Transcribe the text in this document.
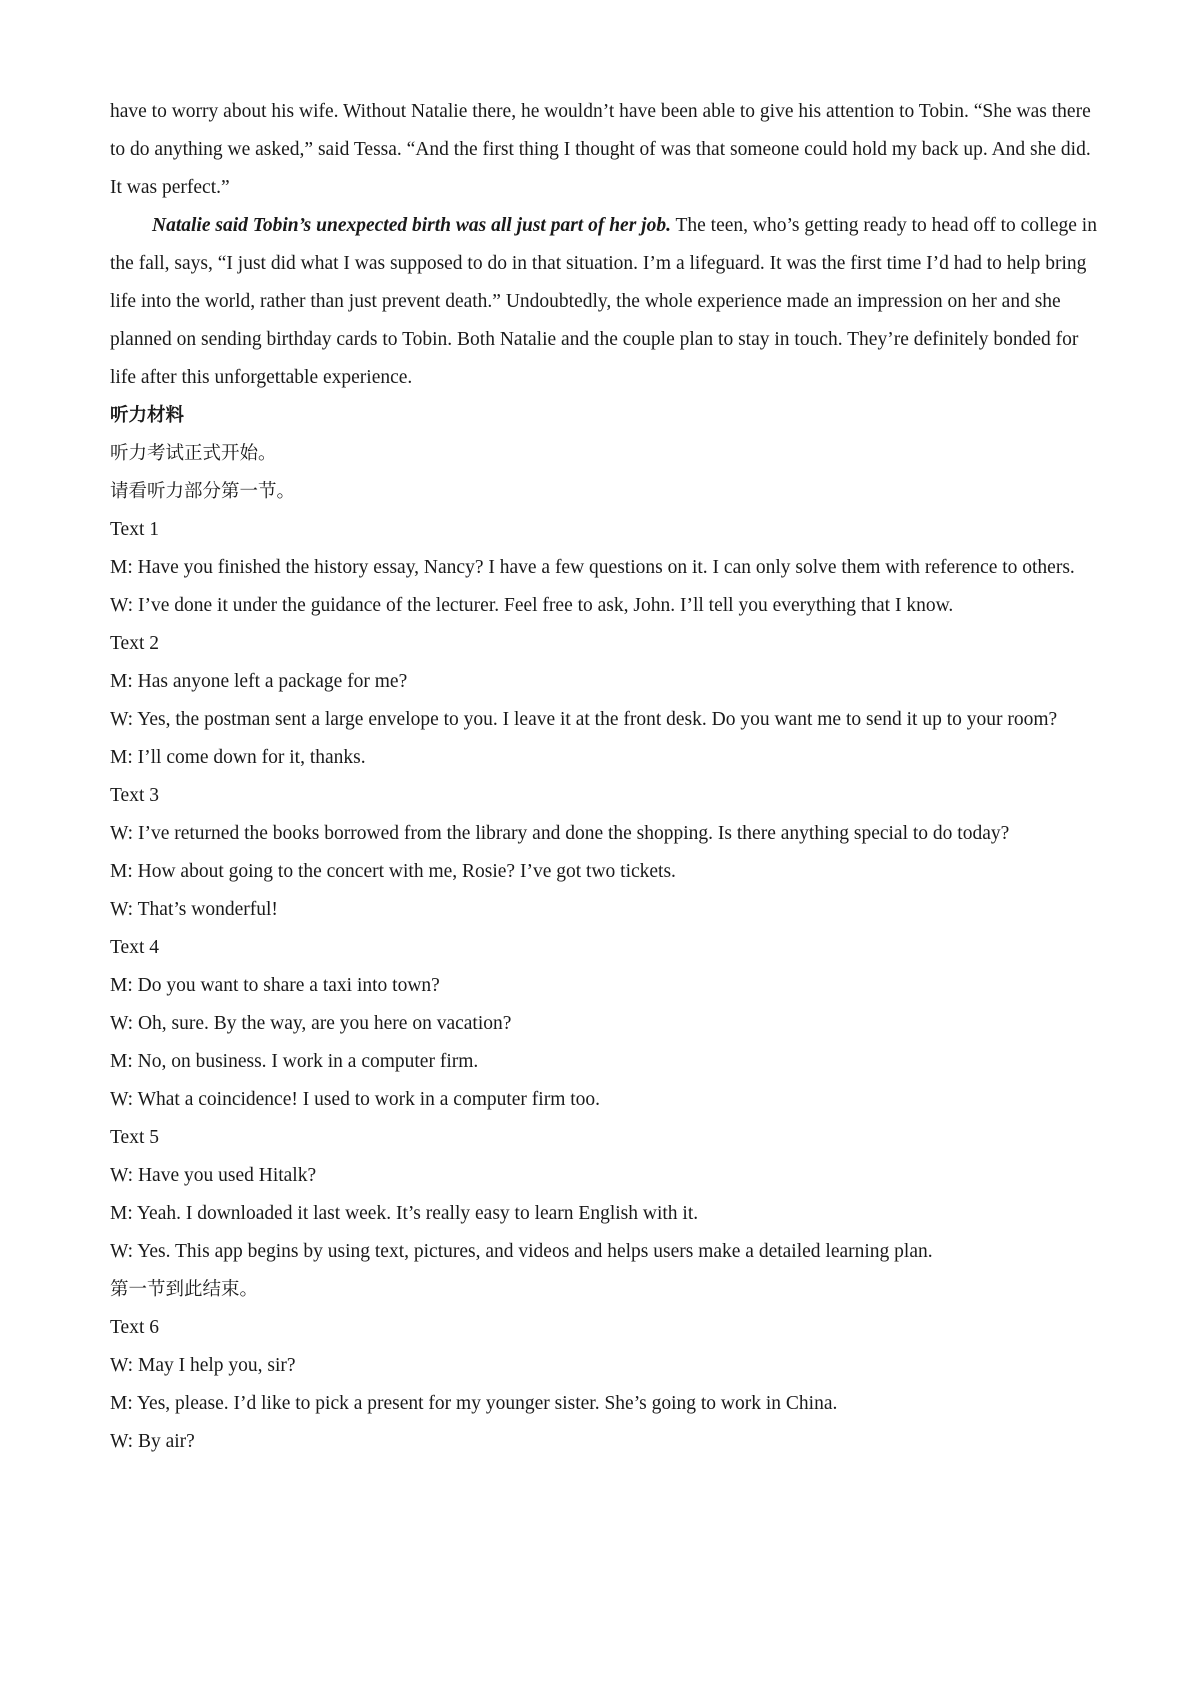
have to worry about his wife. Without Natalie there, he wouldn’t have been able to give his attention to Tobin. “She was there to do anything we asked,” said Tessa. “And the first thing I thought of was that someone could hold my back up. And she did. It was perfect.”

Natalie said Tobin’s unexpected birth was all just part of her job. The teen, who’s getting ready to head off to college in the fall, says, “I just did what I was supposed to do in that situation. I’m a lifeguard. It was the first time I’d had to help bring life into the world, rather than just prevent death.” Undoubtedly, the whole experience made an impression on her and she planned on sending birthday cards to Tobin. Both Natalie and the couple plan to stay in touch. They’re definitely bonded for life after this unforgettable experience.

听力材料

听力考试正式开始。

请看听力部分第一节。

Text 1

M: Have you finished the history essay, Nancy? I have a few questions on it. I can only solve them with reference to others.

W: I’ve done it under the guidance of the lecturer. Feel free to ask, John. I’ll tell you everything that I know.

Text 2

M: Has anyone left a package for me?

W: Yes, the postman sent a large envelope to you. I leave it at the front desk. Do you want me to send it up to your room?

M: I’ll come down for it, thanks.

Text 3

W: I’ve returned the books borrowed from the library and done the shopping. Is there anything special to do today?

M: How about going to the concert with me, Rosie? I’ve got two tickets.

W: That’s wonderful!

Text 4

M: Do you want to share a taxi into town?

W: Oh, sure. By the way, are you here on vacation?

M: No, on business. I work in a computer firm.

W: What a coincidence! I used to work in a computer firm too.

Text 5

W: Have you used Hitalk?

M: Yeah. I downloaded it last week. It’s really easy to learn English with it.

W: Yes. This app begins by using text, pictures, and videos and helps users make a detailed learning plan.

第一节到此结束。

Text 6

W: May I help you, sir?

M: Yes, please. I’d like to pick a present for my younger sister. She’s going to work in China.

W: By air?
